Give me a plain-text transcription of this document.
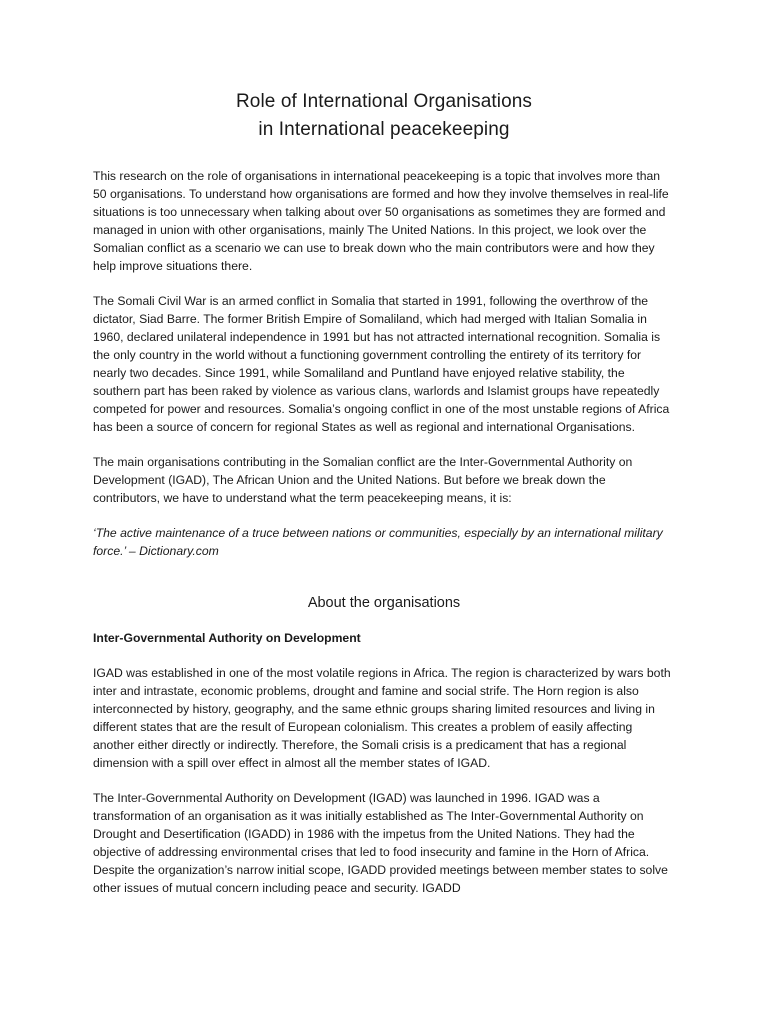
Role of International Organisations
in International peacekeeping

This research on the role of organisations in international peacekeeping is a topic that involves more than 50 organisations. To understand how organisations are formed and how they involve themselves in real-life situations is too unnecessary when talking about over 50 organisations as sometimes they are formed and managed in union with other organisations, mainly The United Nations. In this project, we look over the Somalian conflict as a scenario we can use to break down who the main contributors were and how they help improve situations there.

The Somali Civil War is an armed conflict in Somalia that started in 1991, following the overthrow of the dictator, Siad Barre. The former British Empire of Somaliland, which had merged with Italian Somalia in 1960, declared unilateral independence in 1991 but has not attracted international recognition. Somalia is the only country in the world without a functioning government controlling the entirety of its territory for nearly two decades. Since 1991, while Somaliland and Puntland have enjoyed relative stability, the southern part has been raked by violence as various clans, warlords and Islamist groups have repeatedly competed for power and resources. Somalia’s ongoing conflict in one of the most unstable regions of Africa has been a source of concern for regional States as well as regional and international Organisations.

The main organisations contributing in the Somalian conflict are the Inter-Governmental Authority on Development (IGAD), The African Union and the United Nations. But before we break down the contributors, we have to understand what the term peacekeeping means, it is:

‘The active maintenance of a truce between nations or communities, especially by an international military force.’ – Dictionary.com

About the organisations

Inter-Governmental Authority on Development

IGAD was established in one of the most volatile regions in Africa. The region is characterized by wars both inter and intrastate, economic problems, drought and famine and social strife. The Horn region is also interconnected by history, geography, and the same ethnic groups sharing limited resources and living in different states that are the result of European colonialism. This creates a problem of easily affecting another either directly or indirectly. Therefore, the Somali crisis is a predicament that has a regional dimension with a spill over effect in almost all the member states of IGAD.

The Inter-Governmental Authority on Development (IGAD) was launched in 1996. IGAD was a transformation of an organisation as it was initially established as The Inter-Governmental Authority on Drought and Desertification (IGADD) in 1986 with the impetus from the United Nations. They had the objective of addressing environmental crises that led to food insecurity and famine in the Horn of Africa. Despite the organization’s narrow initial scope, IGADD provided meetings between member states to solve other issues of mutual concern including peace and security. IGADD
